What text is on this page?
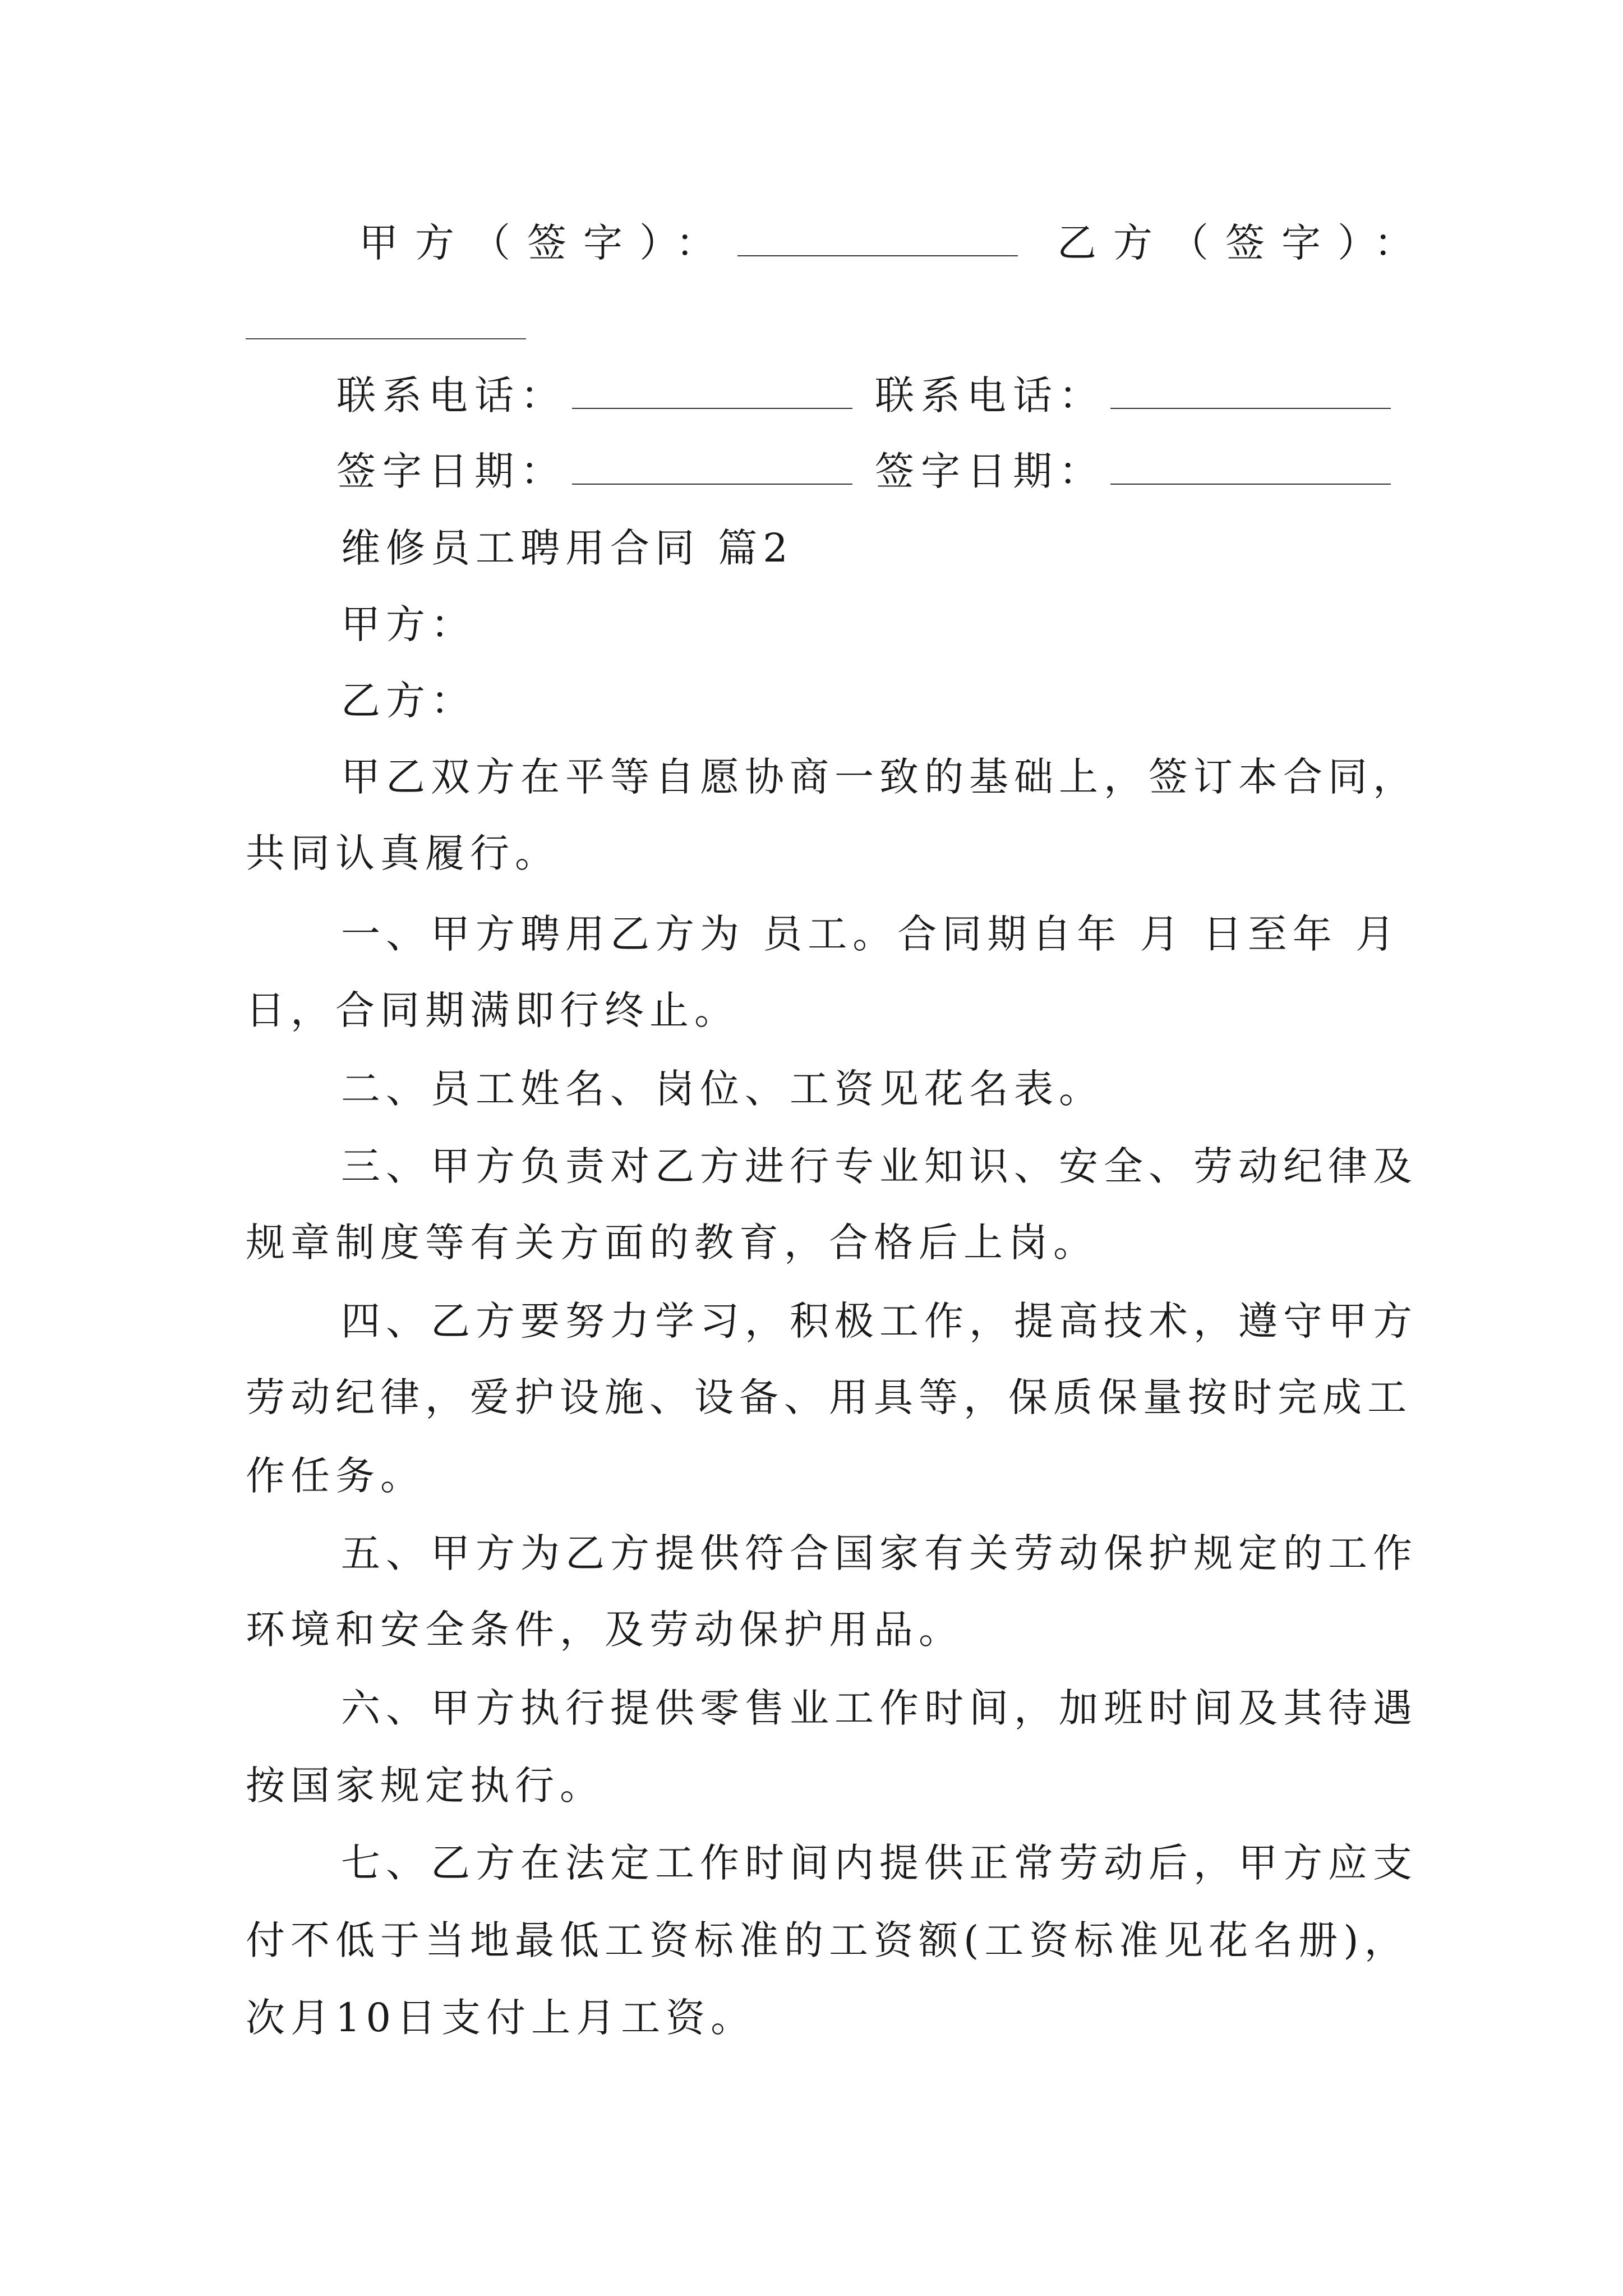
甲方（签字）：	乙方（签字）：
联系电话：	联系电话：
签字日期：	签字日期：
维修员工聘用合同 篇2
甲方：
乙方：
甲乙双方在平等自愿协商一致的基础上，签订本合同，
共同认真履行。
一、甲方聘用乙方为 员工。合同期自年 月 日至年 月
日，合同期满即行终止。
二、员工姓名、岗位、工资见花名表。
三、甲方负责对乙方进行专业知识、安全、劳动纪律及
规章制度等有关方面的教育，合格后上岗。
四、乙方要努力学习，积极工作，提高技术，遵守甲方
劳动纪律，爱护设施、设备、用具等，保质保量按时完成工
作任务。
五、甲方为乙方提供符合国家有关劳动保护规定的工作
环境和安全条件，及劳动保护用品。
六、甲方执行提供零售业工作时间，加班时间及其待遇
按国家规定执行。
七、乙方在法定工作时间内提供正常劳动后，甲方应支
付不低于当地最低工资标准的工资额(工资标准见花名册)，
次月10日支付上月工资。
